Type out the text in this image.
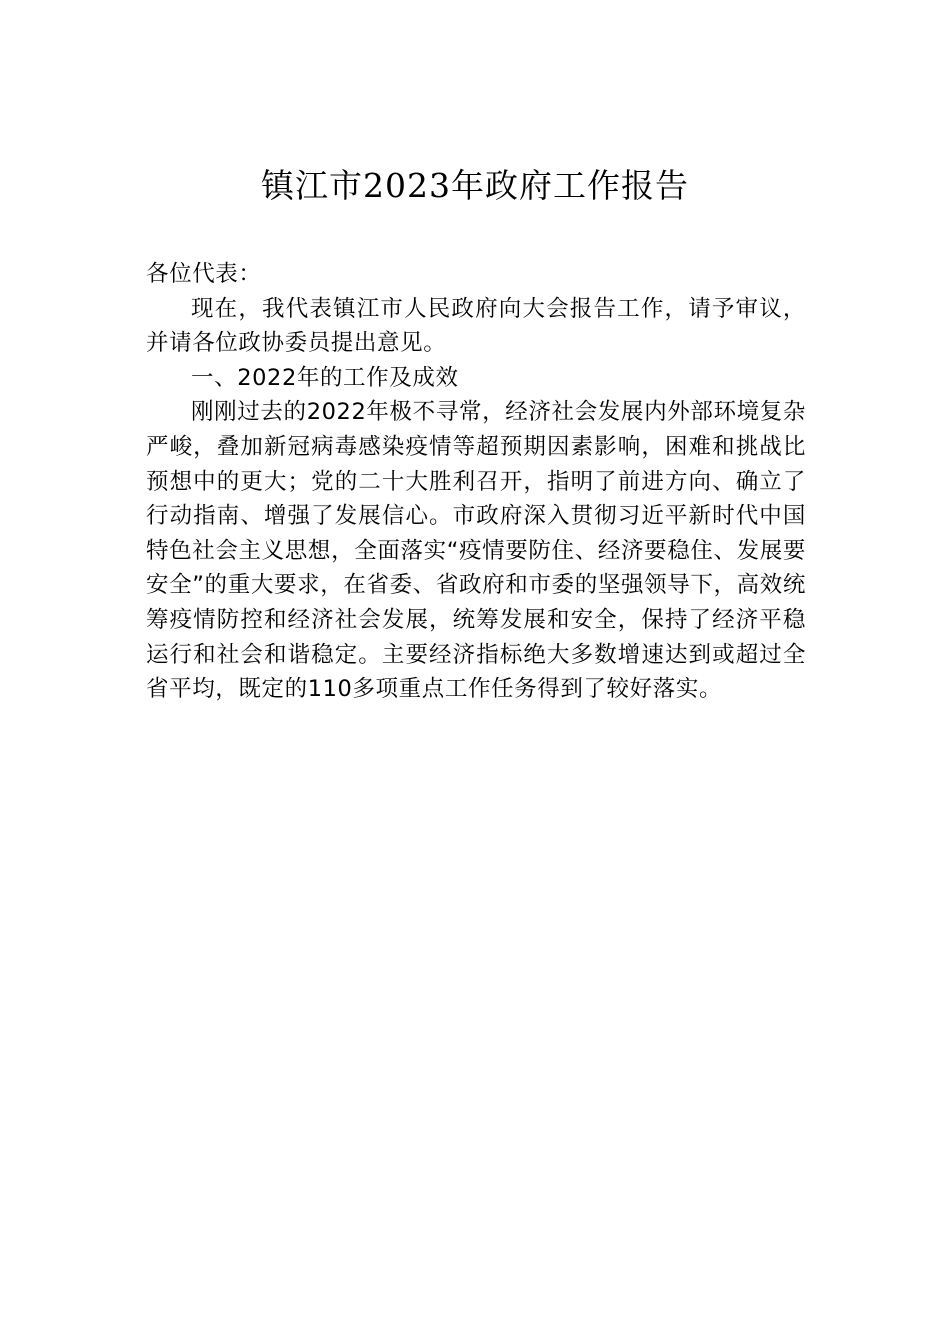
镇江市2023年政府工作报告

各位代表：

现在，我代表镇江市人民政府向大会报告工作，请予审议，并请各位政协委员提出意见。

一、2022年的工作及成效

刚刚过去的2022年极不寻常，经济社会发展内外部环境复杂严峻，叠加新冠病毒感染疫情等超预期因素影响，困难和挑战比预想中的更大；党的二十大胜利召开，指明了前进方向、确立了行动指南、增强了发展信心。市政府深入贯彻习近平新时代中国特色社会主义思想，全面落实“疫情要防住、经济要稳住、发展要安全”的重大要求，在省委、省政府和市委的坚强领导下，高效统筹疫情防控和经济社会发展，统筹发展和安全，保持了经济平稳运行和社会和谐稳定。主要经济指标绝大多数增速达到或超过全省平均，既定的110多项重点工作任务得到了较好落实。
